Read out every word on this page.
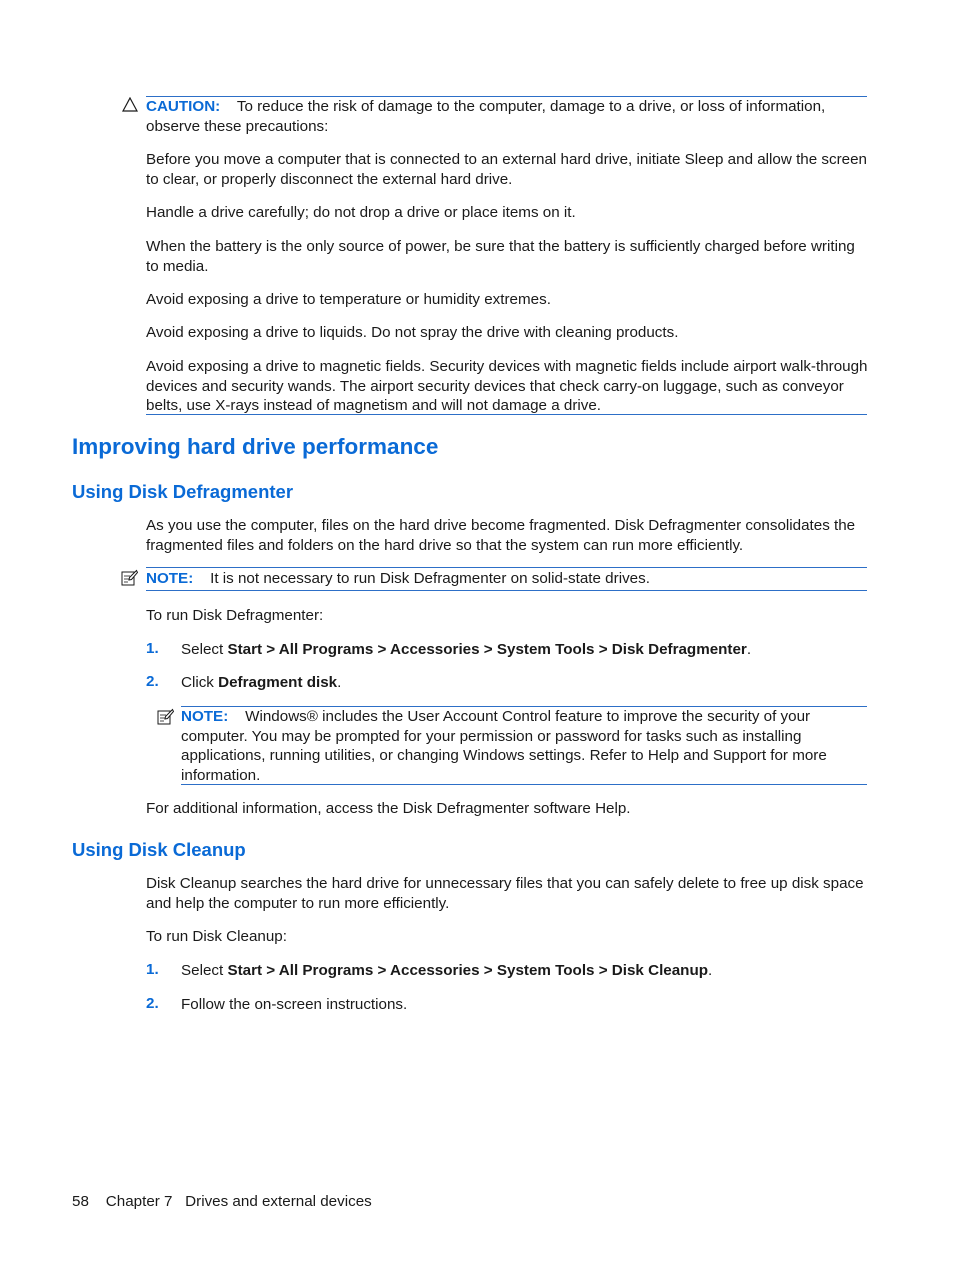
CAUTION: To reduce the risk of damage to the computer, damage to a drive, or loss of information, observe these precautions:

Before you move a computer that is connected to an external hard drive, initiate Sleep and allow the screen to clear, or properly disconnect the external hard drive.

Handle a drive carefully; do not drop a drive or place items on it.

When the battery is the only source of power, be sure that the battery is sufficiently charged before writing to media.

Avoid exposing a drive to temperature or humidity extremes.

Avoid exposing a drive to liquids. Do not spray the drive with cleaning products.

Avoid exposing a drive to magnetic fields. Security devices with magnetic fields include airport walk-through devices and security wands. The airport security devices that check carry-on luggage, such as conveyor belts, use X-rays instead of magnetism and will not damage a drive.

Improving hard drive performance
Using Disk Defragmenter

As you use the computer, files on the hard drive become fragmented. Disk Defragmenter consolidates the fragmented files and folders on the hard drive so that the system can run more efficiently.

NOTE: It is not necessary to run Disk Defragmenter on solid-state drives.

To run Disk Defragmenter:

1. Select Start > All Programs > Accessories > System Tools > Disk Defragmenter.

2. Click Defragment disk.

NOTE: Windows® includes the User Account Control feature to improve the security of your computer. You may be prompted for your permission or password for tasks such as installing applications, running utilities, or changing Windows settings. Refer to Help and Support for more information.

For additional information, access the Disk Defragmenter software Help.

Using Disk Cleanup

Disk Cleanup searches the hard drive for unnecessary files that you can safely delete to free up disk space and help the computer to run more efficiently.

To run Disk Cleanup:

1. Select Start > All Programs > Accessories > System Tools > Disk Cleanup.

2. Follow the on-screen instructions.

58 Chapter 7 Drives and external devices
